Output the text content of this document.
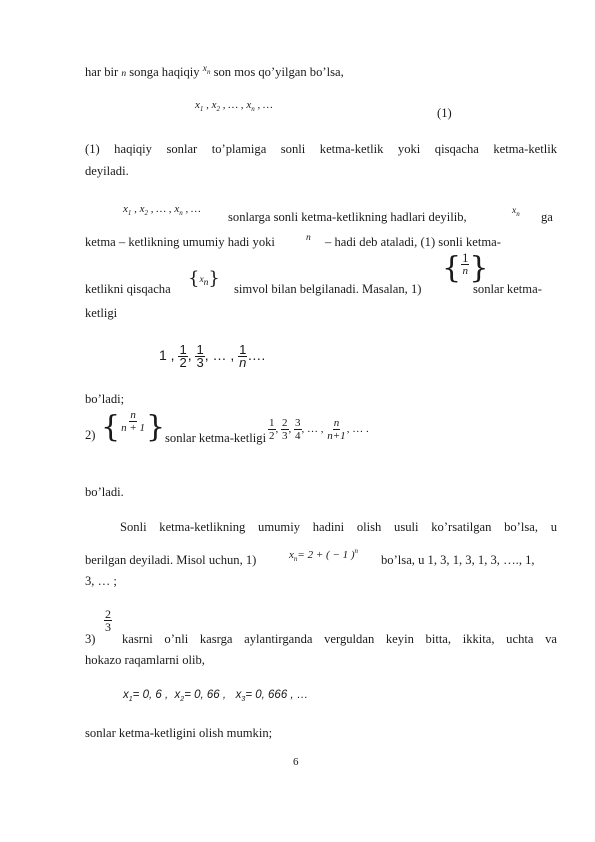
har bir n songa haqiqiy $^{x_n}$ son mos qo’yilgan bo’lsa,
$x_1$ , $x_2$ , … , $x_n$ , …
(1)
(1) haqiqiy sonlar to’plamiga sonli ketma-ketlik yoki qisqacha ketma-ketlik
deyiladi.
$x_1$ , $x_2$ , … , $x_n$ , …
sonlarga sonli ketma-ketlikning hadlari deyilib,	$x_n$ ga
ketma – ketlikning umumiy hadi yoki	n – hadi deb ataladi, (1) sonli ketma-
ketlikni qisqacha $\{x_n\}$ simvol bilan belgilanadi. Masalan, 1)
{ $\frac{1}{n}$ }
sonlar ketma-
ketligi
1 , $\frac{1}{2}$ , $\frac{1}{3}$ , … , $\frac{1}{n}$ ….
bo’ladi;
2) { $\frac{n}{n + 1}$ } sonlar ketma-ketligi $\frac{1}{2}$ , $\frac{2}{3}$ , $\frac{3}{4}$ , … , $\frac{n}{n+1}$ , … .
bo’ladi.
Sonli ketma-ketlikning umumiy hadini olish usuli ko’rsatilgan bo’lsa, u
berilgan deyiladi. Misol uchun, 1)	$x_n= 2$ + ( − 1 )$^n$
bo’lsa, u 1, 3, 1, 3, 1, 3, …., 1,
3, … ;
3)
$\frac{2}{3}$
kasrni o’nli kasrga aylantirganda verguldan keyin bitta, ikkita, uchta va
hokazo raqamlarni olib,
$x_1= 0$, 6 , $x_2= 0$, 66 , $x_3= 0$, 666 , …
sonlar ketma-ketligini olish mumkin;
6
